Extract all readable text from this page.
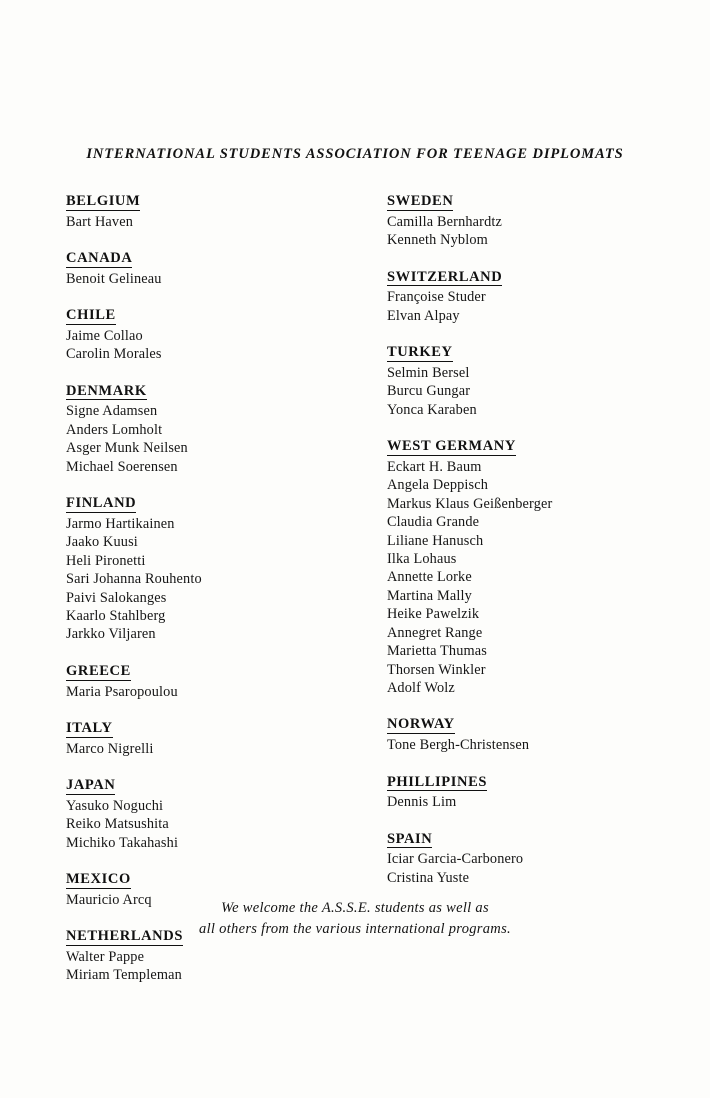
INTERNATIONAL STUDENTS ASSOCIATION FOR TEENAGE DIPLOMATS
BELGIUM
Bart Haven
CANADA
Benoit Gelineau
CHILE
Jaime Collao
Carolin Morales
DENMARK
Signe Adamsen
Anders Lomholt
Asger Munk Neilsen
Michael Soerensen
FINLAND
Jarmo Hartikainen
Jaako Kuusi
Heli Pironetti
Sari Johanna Rouhento
Paivi Salokanges
Kaarlo Stahlberg
Jarkko Viljaren
GREECE
Maria Psaropoulou
ITALY
Marco Nigrelli
JAPAN
Yasuko Noguchi
Reiko Matsushita
Michiko Takahashi
MEXICO
Mauricio Arcq
NETHERLANDS
Walter Pappe
Miriam Templeman
SWEDEN
Camilla Bernhardtz
Kenneth Nyblom
SWITZERLAND
Françoise Studer
Elvan Alpay
TURKEY
Selmin Bersel
Burcu Gungar
Yonca Karaben
WEST GERMANY
Eckart H. Baum
Angela Deppisch
Markus Klaus Geißenberger
Claudia Grande
Liliane Hanusch
Ilka Lohaus
Annette Lorke
Martina Mally
Heike Pawelzik
Annegret Range
Marietta Thumas
Thorsen Winkler
Adolf Wolz
NORWAY
Tone Bergh-Christensen
PHILLIPINES
Dennis Lim
SPAIN
Iciar Garcia-Carbonero
Cristina Yuste
We welcome the A.S.S.E. students as well as
all others from the various international programs.
